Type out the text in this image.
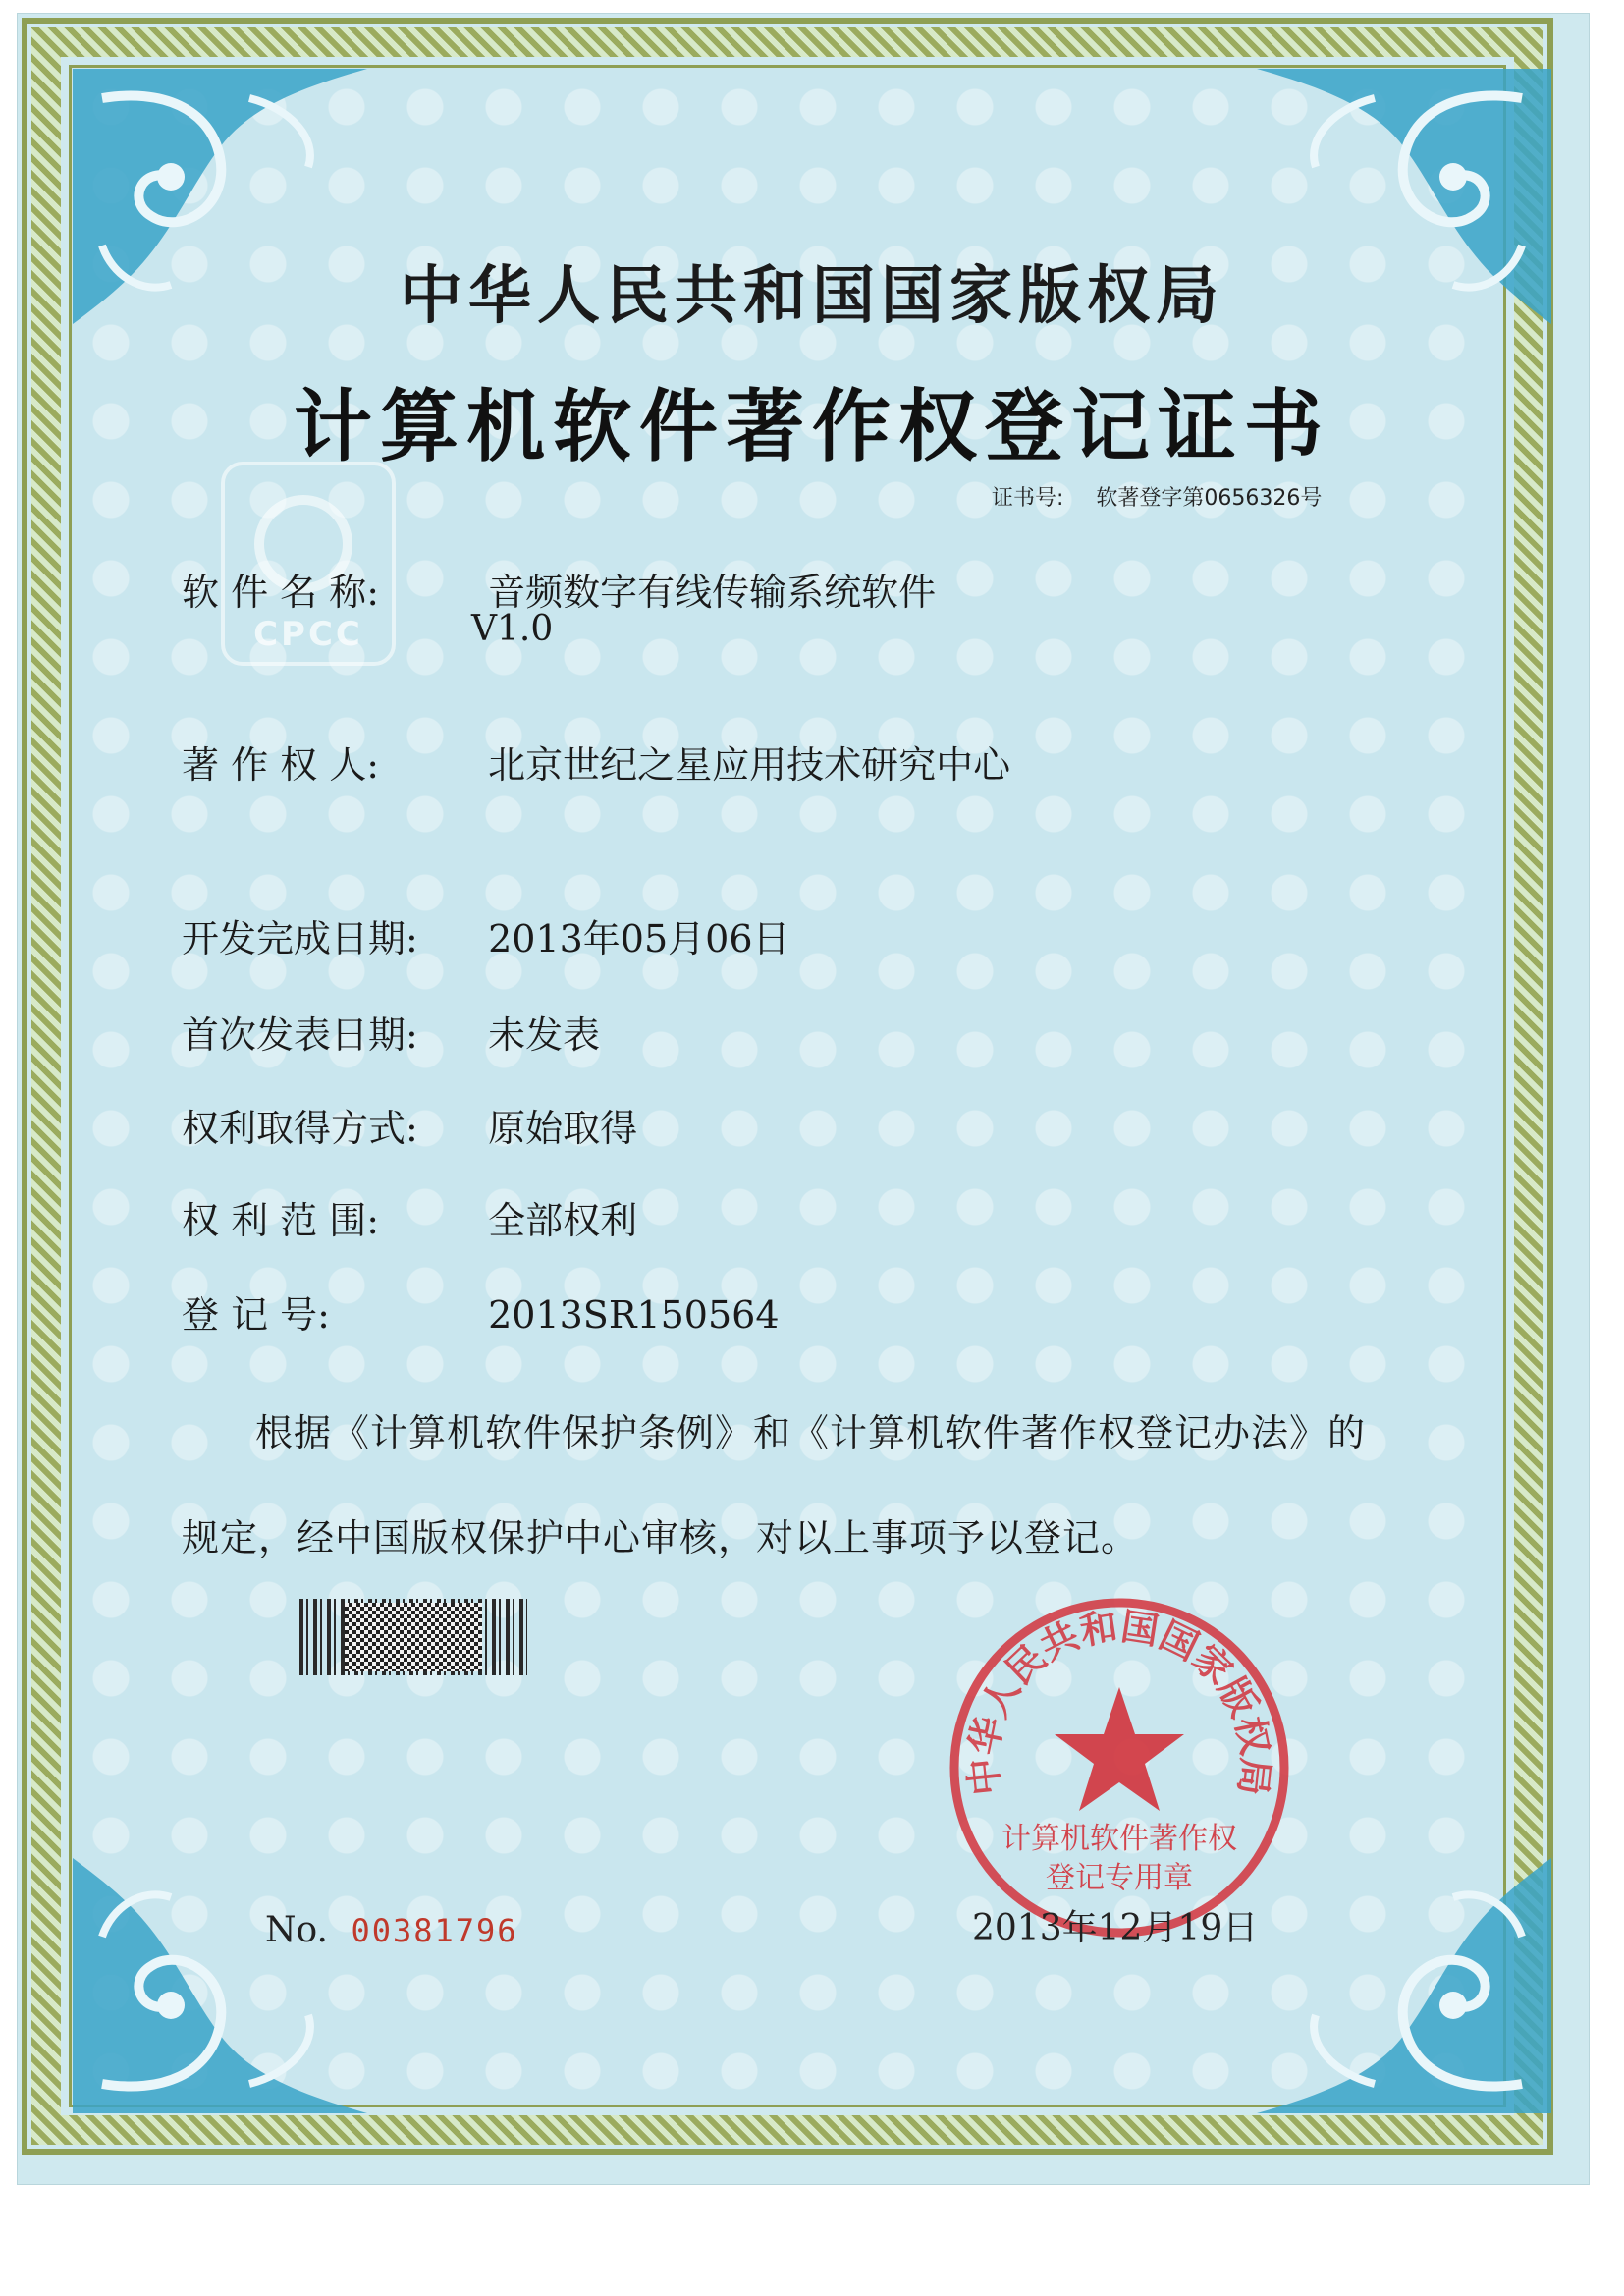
CPCC
中华人民共和国国家版权局
计算机软件著作权登记证书
证书号: 软著登字第0656326号
软 件 名 称:	音频数字有线传输系统软件
V1.0
著 作 权 人:	北京世纪之星应用技术研究中心
开发完成日期: 2013年05月06日
首次发表日期: 未发表
权利取得方式: 原始取得
权 利 范 围:	全部权利
登 记 号:	2013SR150564
根据《计算机软件保护条例》和《计算机软件著作权登记办法》的
规定，经中国版权保护中心审核，对以上事项予以登记。
No. 00381796
中华人民共和国国家版权局
计算机软件著作权
登记专用章
2013年12月19日
